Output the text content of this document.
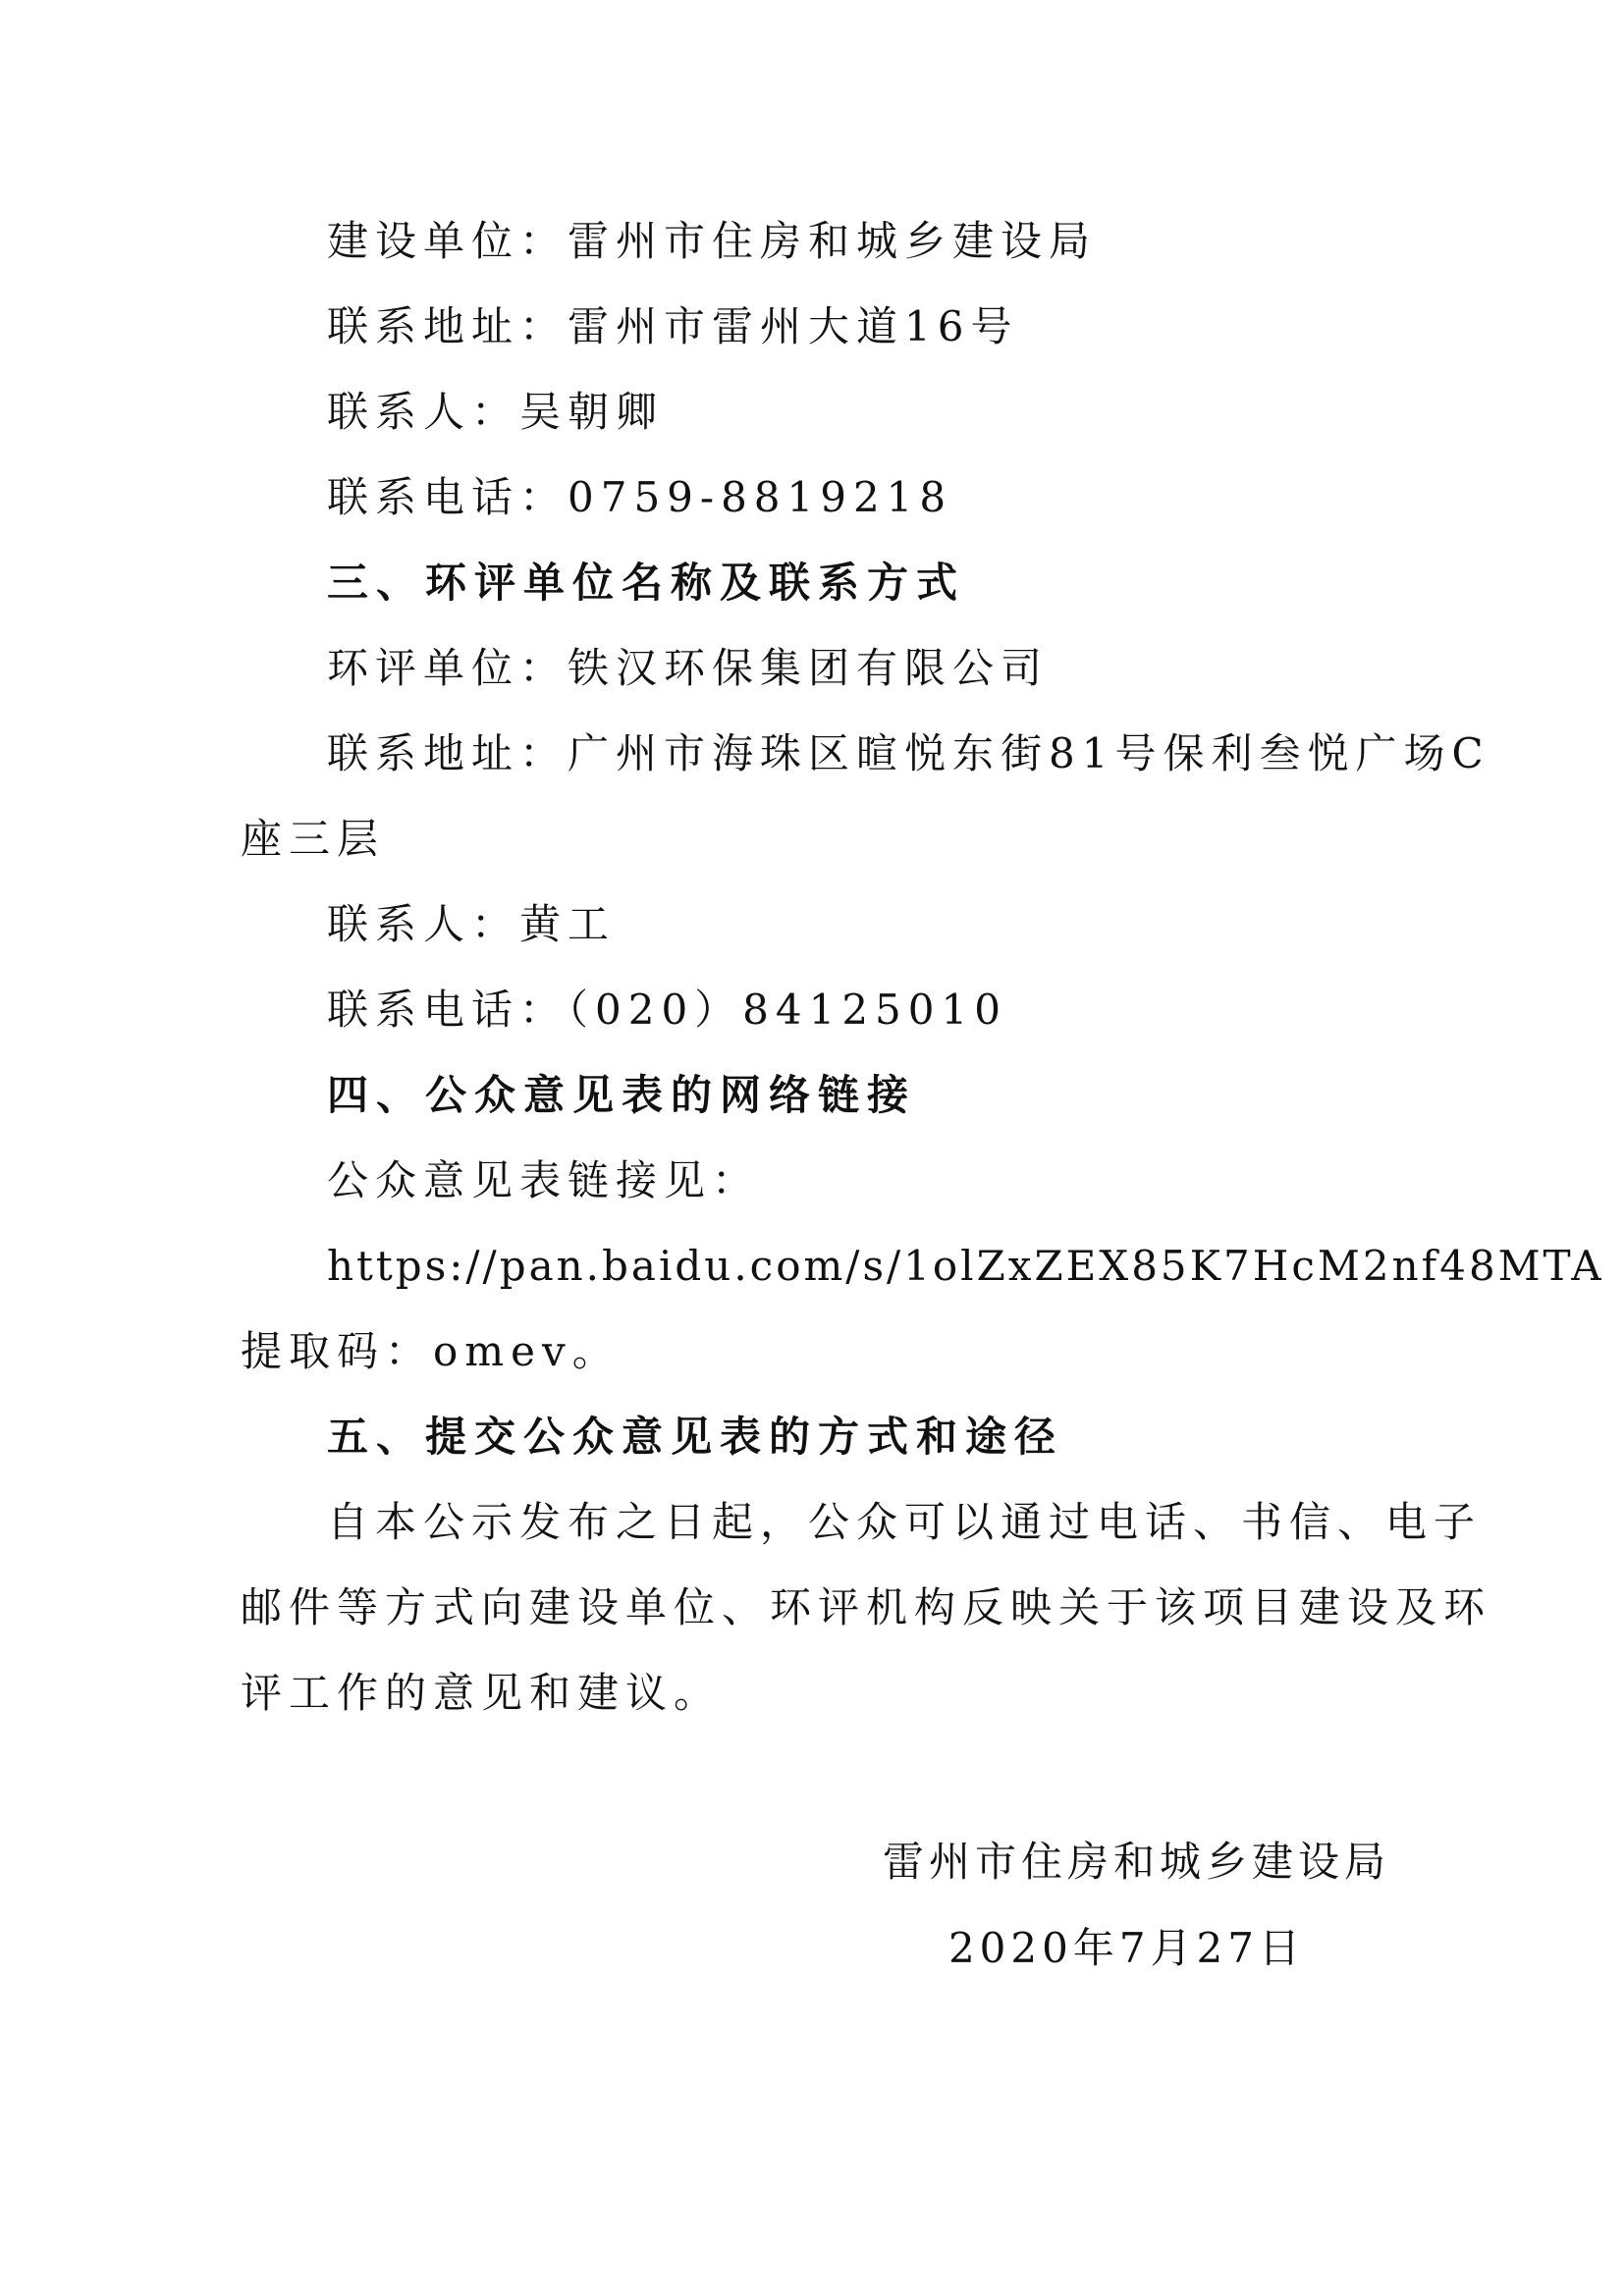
建设单位：雷州市住房和城乡建设局
联系地址：雷州市雷州大道16号
联系人：吴朝卿
联系电话：0759-8819218
三、环评单位名称及联系方式
环评单位：铁汉环保集团有限公司
联系地址：广州市海珠区暄悦东街81号保利叁悦广场C
座三层
联系人：黄工
联系电话：（020）84125010
四、公众意见表的网络链接
公众意见表链接见：
https://pan.baidu.com/s/1olZxZEX85K7HcM2nf48MTA
提取码：omev。
五、提交公众意见表的方式和途径
自本公示发布之日起，公众可以通过电话、书信、电子
邮件等方式向建设单位、环评机构反映关于该项目建设及环
评工作的意见和建议。
雷州市住房和城乡建设局
2020年7月27日
